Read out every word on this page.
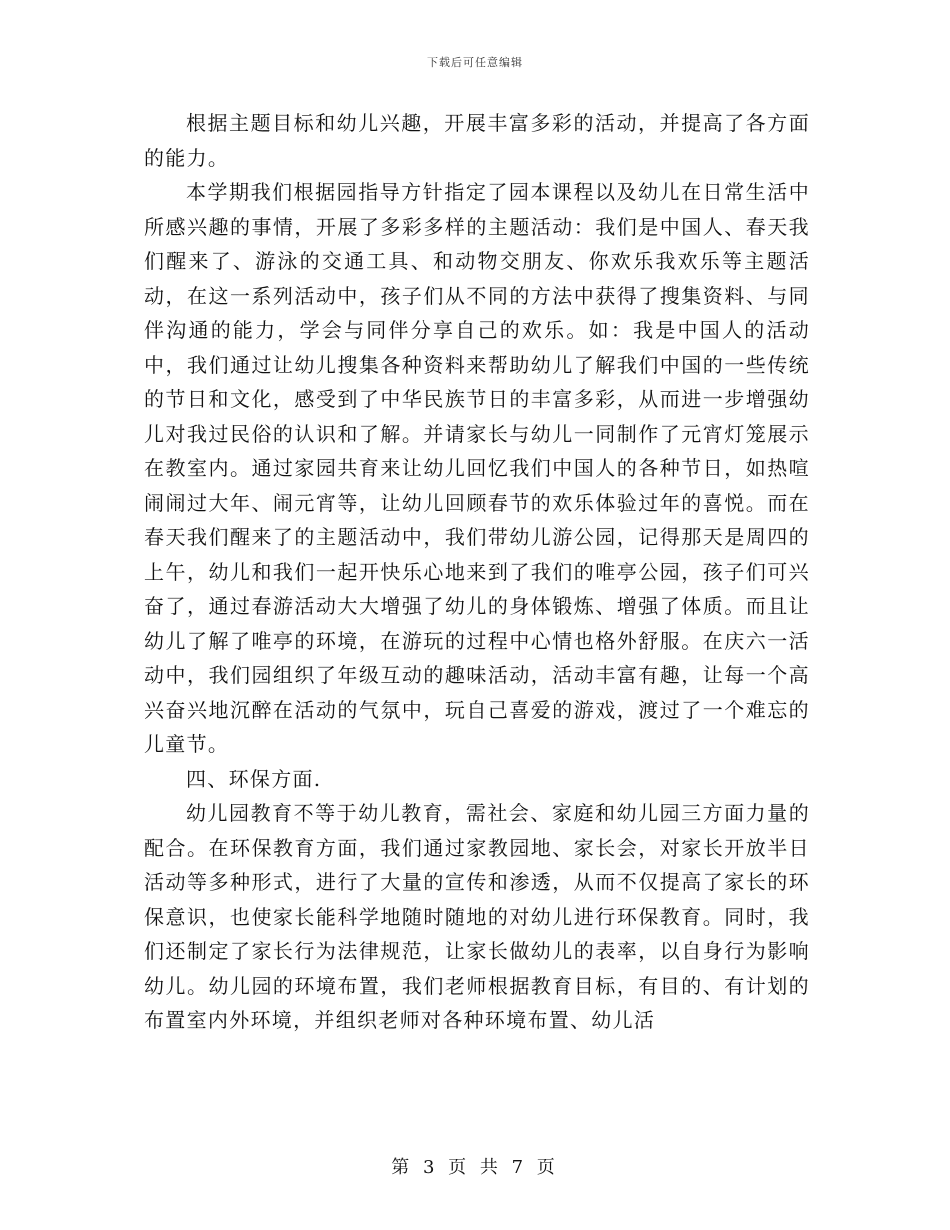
下载后可任意编辑

根据主题目标和幼儿兴趣，开展丰富多彩的活动，并提高了各方面的能力。

本学期我们根据园指导方针指定了园本课程以及幼儿在日常生活中所感兴趣的事情，开展了多彩多样的主题活动：我们是中国人、春天我们醒来了、游泳的交通工具、和动物交朋友、你欢乐我欢乐等主题活动，在这一系列活动中，孩子们从不同的方法中获得了搜集资料、与同伴沟通的能力，学会与同伴分享自己的欢乐。如：我是中国人的活动中，我们通过让幼儿搜集各种资料来帮助幼儿了解我们中国的一些传统的节日和文化，感受到了中华民族节日的丰富多彩，从而进一步增强幼儿对我过民俗的认识和了解。并请家长与幼儿一同制作了元宵灯笼展示在教室内。通过家园共育来让幼儿回忆我们中国人的各种节日，如热喧闹闹过大年、闹元宵等，让幼儿回顾春节的欢乐体验过年的喜悦。而在春天我们醒来了的主题活动中，我们带幼儿游公园，记得那天是周四的上午，幼儿和我们一起开快乐心地来到了我们的唯亭公园，孩子们可兴奋了，通过春游活动大大增强了幼儿的身体锻炼、增强了体质。而且让幼儿了解了唯亭的环境，在游玩的过程中心情也格外舒服。在庆六一活动中，我们园组织了年级互动的趣味活动，活动丰富有趣，让每一个高兴奋兴地沉醉在活动的气氛中，玩自己喜爱的游戏，渡过了一个难忘的儿童节。

四、环保方面.

幼儿园教育不等于幼儿教育，需社会、家庭和幼儿园三方面力量的配合。在环保教育方面，我们通过家教园地、家长会，对家长开放半日活动等多种形式，进行了大量的宣传和渗透，从而不仅提高了家长的环保意识，也使家长能科学地随时随地的对幼儿进行环保教育。同时，我们还制定了家长行为法律规范，让家长做幼儿的表率，以自身行为影响幼儿。幼儿园的环境布置，我们老师根据教育目标，有目的、有计划的布置室内外环境，并组织老师对各种环境布置、幼儿活

第 3 页 共 7 页
